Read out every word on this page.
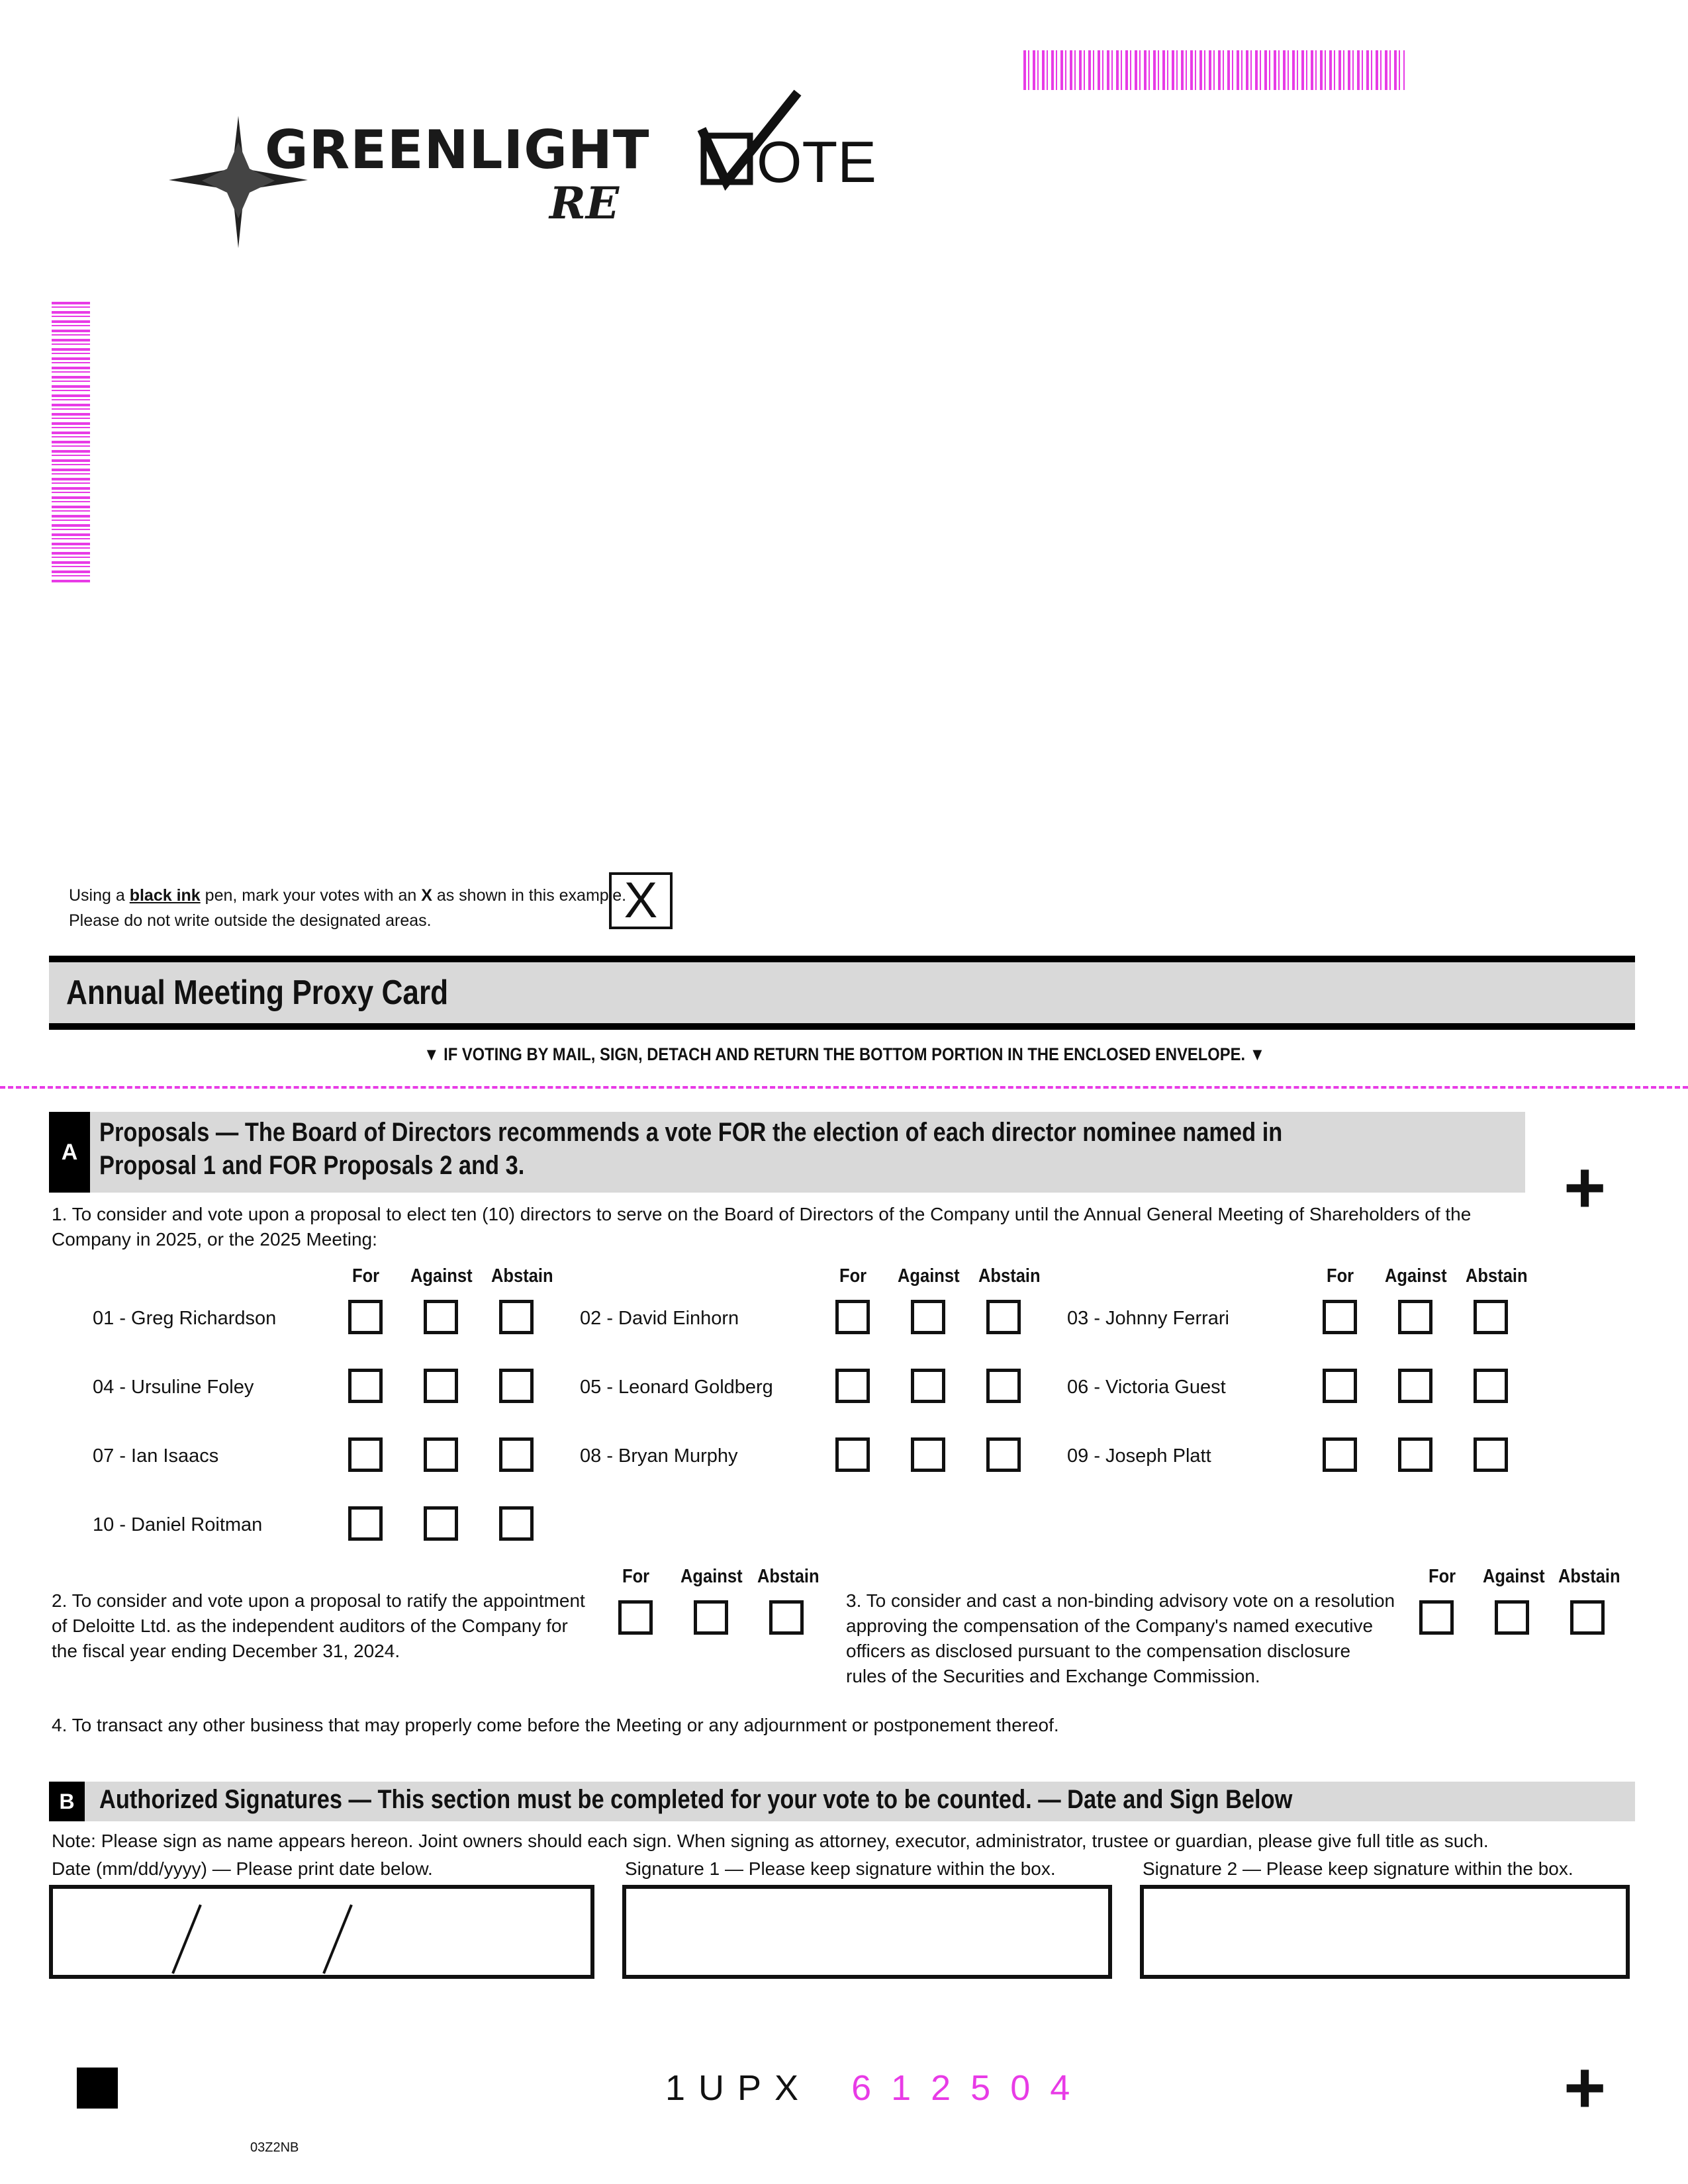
GREENLIGHT
RE
OTE
Using a black ink pen, mark your votes with an X as shown in this example.
Please do not write outside the designated areas.	X
Annual Meeting Proxy Card
▼ IF VOTING BY MAIL, SIGN, DETACH AND RETURN THE BOTTOM PORTION IN THE ENCLOSED ENVELOPE. ▼
A
Proposals — The Board of Directors recommends a vote FOR the election of each director nominee named in Proposal 1 and FOR Proposals 2 and 3.	+
1. To consider and vote upon a proposal to elect ten (10) directors to serve on the Board of Directors of the Company until the Annual General Meeting of Shareholders of the Company in 2025, or the 2025 Meeting:
For Against Abstain	For Against Abstain	For Against Abstain
01 - Greg Richardson	02 - David Einhorn	03 - Johnny Ferrari
04 - Ursuline Foley	05 - Leonard Goldberg	06 - Victoria Guest
07 - Ian Isaacs	08 - Bryan Murphy	09 - Joseph Platt
10 - Daniel Roitman
2. To consider and vote upon a proposal to ratify the appointment of Deloitte Ltd. as the independent auditors of the Company for the fiscal year ending December 31, 2024.
For Against Abstain
3. To consider and cast a non-binding advisory vote on a resolution approving the compensation of the Company's named executive officers as disclosed pursuant to the compensation disclosure rules of the Securities and Exchange Commission.
For Against Abstain
4. To transact any other business that may properly come before the Meeting or any adjournment or postponement thereof.
B Authorized Signatures — This section must be completed for your vote to be counted. — Date and Sign Below
Note: Please sign as name appears hereon. Joint owners should each sign. When signing as attorney, executor, administrator, trustee or guardian, please give full title as such.
Date (mm/dd/yyyy) — Please print date below.	Signature 1 — Please keep signature within the box.	Signature 2 — Please keep signature within the box.
1UPX 612504	+
03Z2NB
